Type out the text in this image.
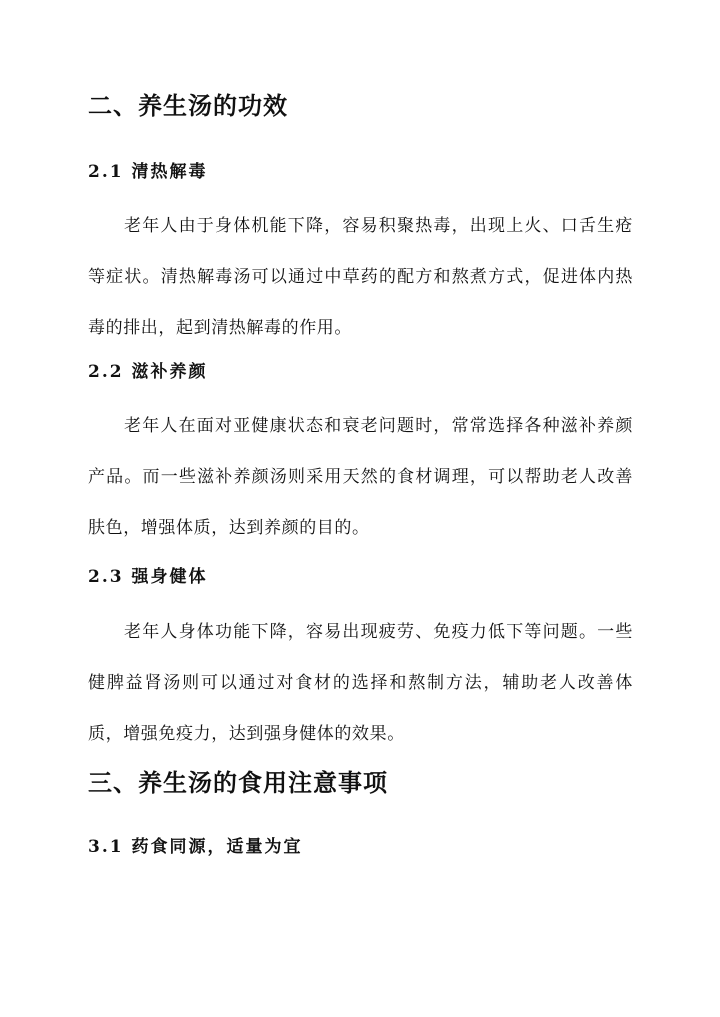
二、养生汤的功效
2.1 清热解毒

老年人由于身体机能下降，容易积聚热毒，出现上火、口舌生疮等症状。清热解毒汤可以通过中草药的配方和熬煮方式，促进体内热毒的排出，起到清热解毒的作用。

2.2 滋补养颜

老年人在面对亚健康状态和衰老问题时，常常选择各种滋补养颜产品。而一些滋补养颜汤则采用天然的食材调理，可以帮助老人改善肤色，增强体质，达到养颜的目的。

2.3 强身健体

老年人身体功能下降，容易出现疲劳、免疫力低下等问题。一些健脾益肾汤则可以通过对食材的选择和熬制方法，辅助老人改善体质，增强免疫力，达到强身健体的效果。

三、养生汤的食用注意事项
3.1 药食同源，适量为宜
